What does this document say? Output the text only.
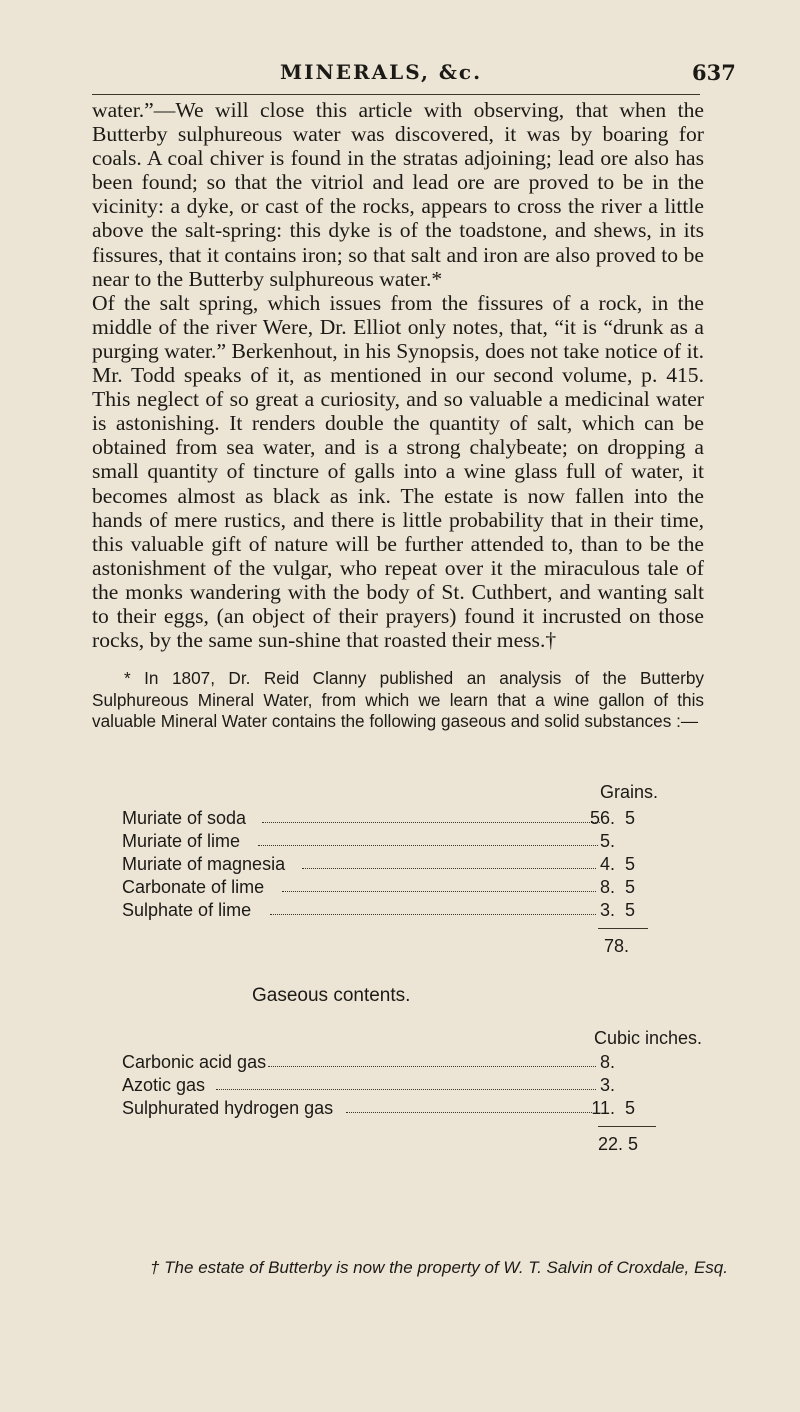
MINERALS, &c.	637

water.”—We will close this article with observing, that when the Butterby sulphureous water was discovered, it was by boaring for coals. A coal chiver is found in the stratas adjoining; lead ore also has been found; so that the vitriol and lead ore are proved to be in the vicinity: a dyke, or cast of the rocks, appears to cross the river a little above the salt-spring: this dyke is of the toadstone, and shews, in its fissures, that it contains iron; so that salt and iron are also proved to be near to the Butterby sulphureous water.*

Of the salt spring, which issues from the fissures of a rock, in the middle of the river Were, Dr. Elliot only notes, that, “it is “drunk as a purging water.” Berkenhout, in his Synopsis, does not take notice of it. Mr. Todd speaks of it, as mentioned in our second volume, p. 415. This neglect of so great a curiosity, and so valuable a medicinal water is astonishing. It renders double the quantity of salt, which can be obtained from sea water, and is a strong chalybeate; on dropping a small quantity of tincture of galls into a wine glass full of water, it becomes almost as black as ink. The estate is now fallen into the hands of mere rustics, and there is little probability that in their time, this valuable gift of nature will be further attended to, than to be the astonishment of the vulgar, who repeat over it the miraculous tale of the monks wandering with the body of St. Cuthbert, and wanting salt to their eggs, (an object of their prayers) found it incrusted on those rocks, by the same sun-shine that roasted their mess.†

* In 1807, Dr. Reid Clanny published an analysis of the Butterby Sulphureous Mineral Water, from which we learn that a wine gallon of this valuable Mineral Water contains the following gaseous and solid substances :—

Grains.
Muriate of soda	56. 5
Muriate of lime	5.
Muriate of magnesia	4. 5
Carbonate of lime	8. 5
Sulphate of lime	3. 5
78.
Gaseous contents.
Cubic inches.
Carbonic acid gas	8.
Azotic gas	3.
Sulphurated hydrogen gas	11. 5
22. 5
† The estate of Butterby is now the property of W. T. Salvin of Croxdale, Esq.
